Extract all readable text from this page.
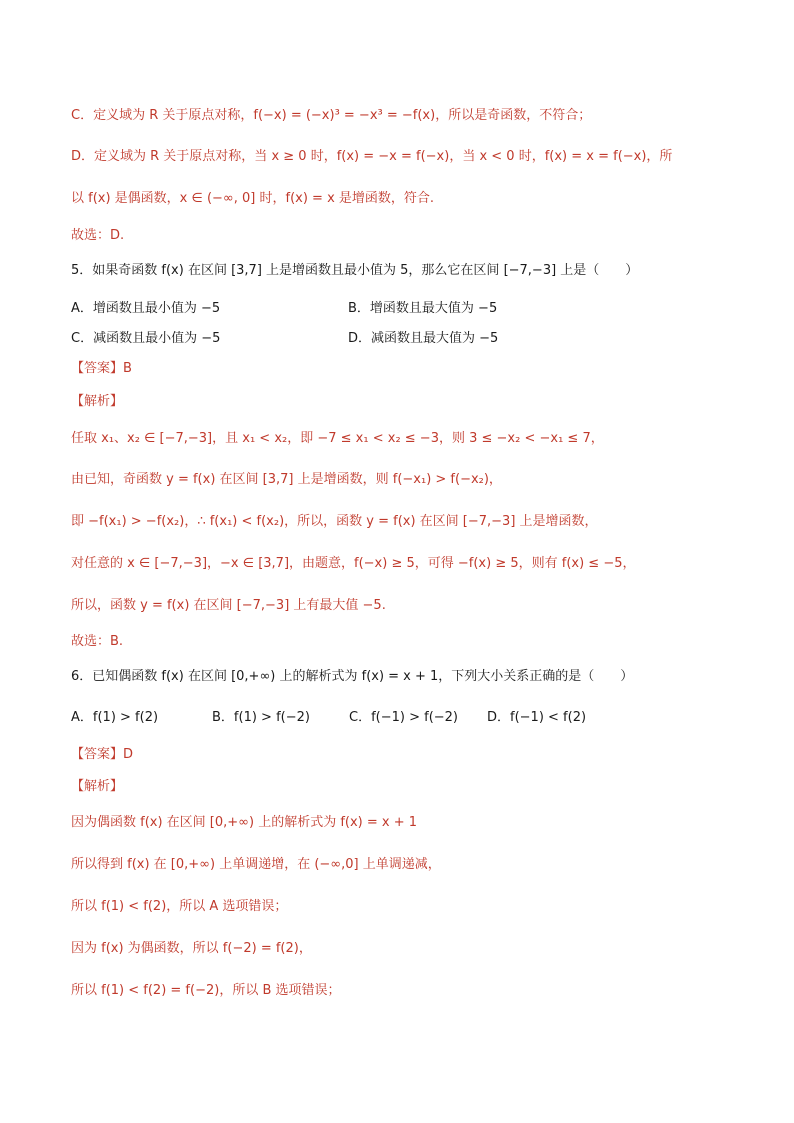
C．定义域为 R 关于原点对称，f(−x) = (−x)³ = −x³ = −f(x)，所以是奇函数，不符合；
D．定义域为 R 关于原点对称，当 x ≥ 0 时，f(x) = −x = f(−x)，当 x < 0 时，f(x) = x = f(−x)，所
以 f(x) 是偶函数，x ∈ (−∞, 0] 时，f(x) = x 是增函数，符合.
故选：D.
5．如果奇函数 f(x) 在区间 [3,7] 上是增函数且最小值为 5，那么它在区间 [−7,−3] 上是（　　）
A．增函数且最小值为 −5	B．增函数且最大值为 −5
C．减函数且最小值为 −5	D．减函数且最大值为 −5
【答案】B
【解析】
任取 x₁、x₂ ∈ [−7,−3]，且 x₁ < x₂，即 −7 ≤ x₁ < x₂ ≤ −3，则 3 ≤ −x₂ < −x₁ ≤ 7，
由已知，奇函数 y = f(x) 在区间 [3,7] 上是增函数，则 f(−x₁) > f(−x₂)，
即 −f(x₁) > −f(x₂)，∴ f(x₁) < f(x₂)，所以，函数 y = f(x) 在区间 [−7,−3] 上是增函数，
对任意的 x ∈ [−7,−3]，−x ∈ [3,7]，由题意，f(−x) ≥ 5，可得 −f(x) ≥ 5，则有 f(x) ≤ −5，
所以，函数 y = f(x) 在区间 [−7,−3] 上有最大值 −5.
故选：B.
6．已知偶函数 f(x) 在区间 [0,+∞) 上的解析式为 f(x) = x + 1，下列大小关系正确的是（　　）
A．f(1) > f(2)	B．f(1) > f(−2)	C．f(−1) > f(−2) D．f(−1) < f(2)
【答案】D
【解析】
因为偶函数 f(x) 在区间 [0,+∞) 上的解析式为 f(x) = x + 1
所以得到 f(x) 在 [0,+∞) 上单调递增，在 (−∞,0] 上单调递减，
所以 f(1) < f(2)，所以 A 选项错误；
因为 f(x) 为偶函数，所以 f(−2) = f(2)，
所以 f(1) < f(2) = f(−2)，所以 B 选项错误；
